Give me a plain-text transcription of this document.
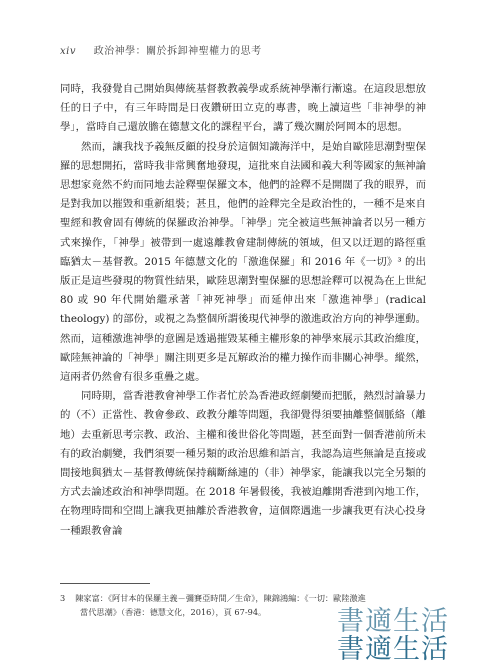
xiv 政治神學：關於拆卸神聖權力的思考

同時，我發覺自己開始與傳統基督教教義學或系統神學漸行漸遠。在這段思想放任的日子中，有三年時間是日夜鑽研田立克的專書，晚上讀這些「非神學的神學」，當時自己還放膽在德慧文化的課程平台，講了幾次關於阿岡本的思想。

然而，讓我找予義無反顧的投身於這個知識海洋中，是始自歐陸思潮對聖保羅的思想開拓，當時我非常興奮地發現，這批來自法國和義大利等國家的無神論思想家竟然不約而同地去詮釋聖保羅文本，他們的詮釋不是開闊了我的眼界，而是對我加以摧毀和重新組裝；甚且，他們的詮釋完全是政治性的，一種不是來自聖經和教會固有傳統的保羅政治神學。「神學」完全被這些無神論者以另一種方式來操作，「神學」被帶到一處遠離教會建制傳統的領域，但又以迂迴的路徑重臨猶太－基督教。2015 年德慧文化的「激進保羅」和 2016 年《一切》³ 的出版正是這些發現的物質性結果，歐陸思潮對聖保羅的思想詮釋可以視為在上世紀 80 或 90 年代開始繼承著「神死神學」而延伸出來「激進神學」(radical theology) 的部份，或視之為整個所謂後現代神學的激進政治方向的神學運動。然而，這種激進神學的意圖是透過摧毀某種主權形象的神學來展示其政治維度，歐陸無神論的「神學」關注則更多是瓦解政治的權力操作而非關心神學。縱然，這兩者仍然會有很多重疊之處。

同時期，當香港教會神學工作者忙於為香港政經劇變而把脈，熱烈討論暴力的（不）正當性、教會參政、政教分離等問題，我卻覺得須要抽離整個脈絡（離地）去重新思考宗教、政治、主權和後世俗化等問題，甚至面對一個香港前所未有的政治劇變，我們須要一種另類的政治思維和語言，我認為這些無論是直接或間接地與猶太－基督教傳統保持藕斷絲連的（非）神學家，能讓我以完全另類的方式去論述政治和神學問題。在 2018 年暑假後，我被迫離開香港到內地工作，在物理時間和空間上讓我更抽離於香港教會，這個際遇進一步讓我更有決心投身一種跟教會論

3 陳家富：《阿甘本的保羅主義－彌賽亞時間／生命》，陳錦鴻編：《一切：歐陸激進
當代思潮》（香港：德慧文化，2016），頁 67-94。	書適生活
書適生活
